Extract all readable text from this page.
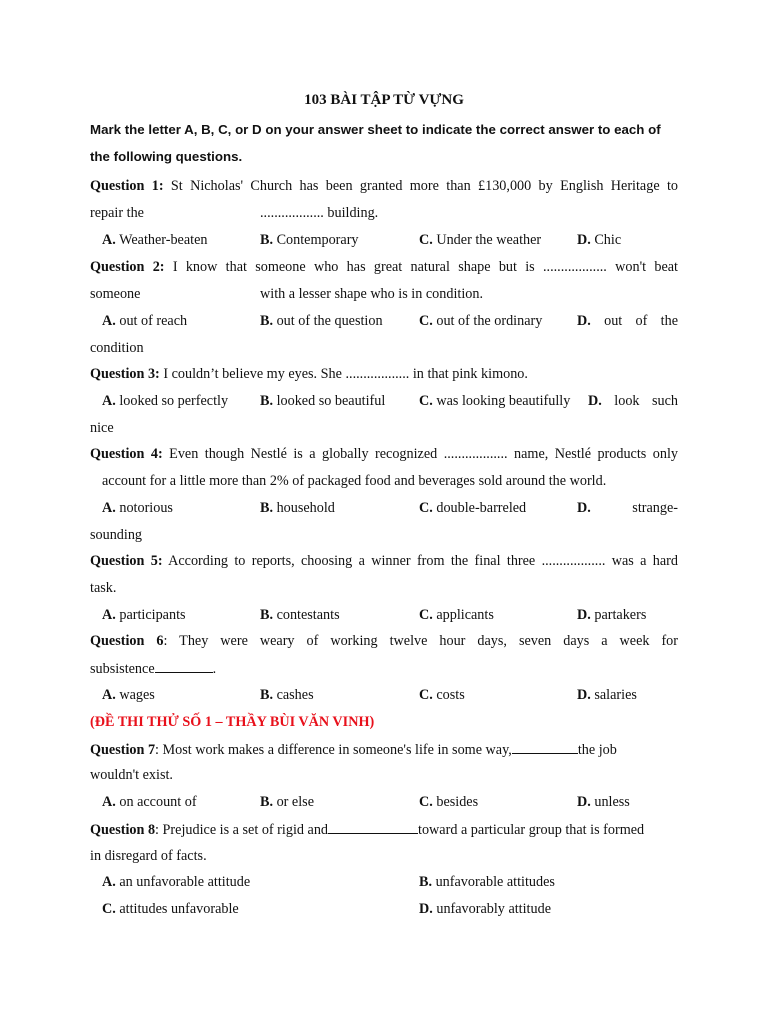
103 BÀI TẬP TỪ VỰNG
Mark the letter A, B, C, or D on your answer sheet to indicate the correct answer to each of the following questions.
Question 1: St Nicholas' Church has been granted more than £130,000 by English Heritage to
repair the	.................. building.
A. Weather-beaten	B. Contemporary	C. Under the weather	D. Chic
Question 2: I know that someone who has great natural shape but is .................. won't beat
someone	with a lesser shape who is in condition.
A. out of reach	B. out of the question	C. out of the ordinary D. out of the
condition
Question 3: I couldn’t believe my eyes. She .................. in that pink kimono.
A. looked so perfectly B. looked so beautiful C. was looking beautifully D. look such
nice
Question 4: Even though Nestlé is a globally recognized .................. name, Nestlé products only
account for a little more than 2% of packaged food and beverages sold around the world.
A. notorious	B. household	C. double-barreled	D.	strange-
sounding
Question 5: According to reports, choosing a winner from the final three .................. was a hard
task.
A. participants	B. contestants	C. applicants	D. partakers
Question 6: They were weary of working twelve hour days, seven days a week for
subsistence	.
A. wages	B. cashes	C. costs	D. salaries
(ĐỀ THI THỬ SỐ 1 – THẦY BÙI VĂN VINH)
Question 7: Most work makes a difference in someone's life in some way,	the job
wouldn't exist.
A. on account of	B. or else	C. besides	D. unless
Question 8: Prejudice is a set of rigid and	toward a particular group that is formed
in disregard of facts.
A. an unfavorable attitude	B. unfavorable attitudes
C. attitudes unfavorable	D. unfavorably attitude
